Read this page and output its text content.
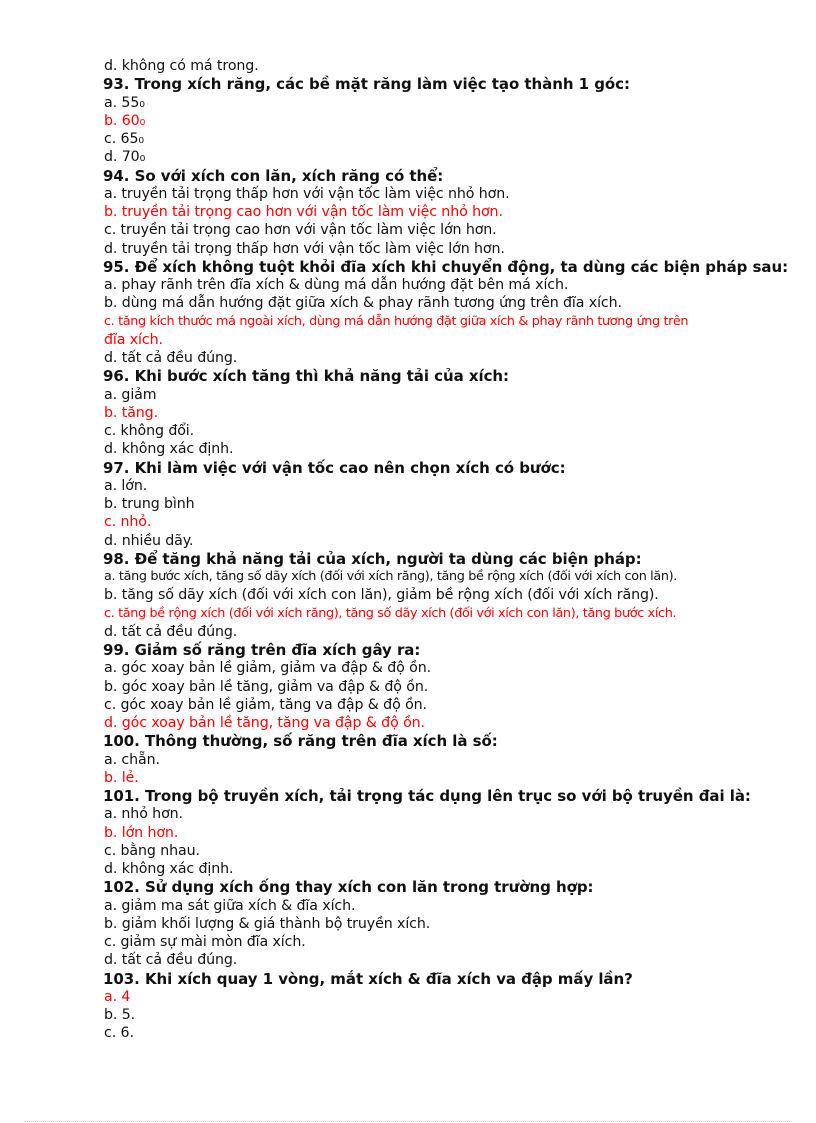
d. không có má trong.
93. Trong xích răng, các bề mặt răng làm việc tạo thành 1 góc:
a. 55₀
b. 60₀
c. 65₀
d. 70₀
94. So với xích con lăn, xích răng có thể:
a. truyền tải trọng thấp hơn với vận tốc làm việc nhỏ hơn.
b. truyền tải trọng cao hơn với vận tốc làm việc nhỏ hơn.
c. truyền tải trọng cao hơn với vận tốc làm việc lớn hơn.
d. truyền tải trọng thấp hơn với vận tốc làm việc lớn hơn.
95. Để xích không tuột khỏi đĩa xích khi chuyển động, ta dùng các biện pháp sau:
a. phay rãnh trên đĩa xích & dùng má dẫn hướng đặt bên má xích.
b. dùng má dẫn hướng đặt giữa xích & phay rãnh tương ứng trên đĩa xích.
c. tăng kích thước má ngoài xích, dùng má dẫn hướng đặt giữa xích & phay rãnh tương ứng trên
đĩa xích.
d. tất cả đều đúng.
96. Khi bước xích tăng thì khả năng tải của xích:
a. giảm
b. tăng.
c. không đổi.
d. không xác định.
97. Khi làm việc với vận tốc cao nên chọn xích có bước:
a. lớn.
b. trung bình
c. nhỏ.
d. nhiều dãy.
98. Để tăng khả năng tải của xích, người ta dùng các biện pháp:
a. tăng bước xích, tăng số dãy xích (đối với xích răng), tăng bề rộng xích (đối với xích con lăn).
b. tăng số dãy xích (đối với xích con lăn), giảm bề rộng xích (đối với xích răng).
c. tăng bề rộng xích (đối với xích răng), tăng số dãy xích (đối với xích con lăn), tăng bước xích.
d. tất cả đều đúng.
99. Giảm số răng trên đĩa xích gây ra:
a. góc xoay bản lề giảm, giảm va đập & độ ồn.
b. góc xoay bản lề tăng, giảm va đập & độ ồn.
c. góc xoay bản lề giảm, tăng va đập & độ ồn.
d. góc xoay bản lề tăng, tăng va đập & độ ồn.
100. Thông thường, số răng trên đĩa xích là số:
a. chẵn.
b. lẻ.
101. Trong bộ truyền xích, tải trọng tác dụng lên trục so với bộ truyền đai là:
a. nhỏ hơn.
b. lớn hơn.
c. bằng nhau.
d. không xác định.
102. Sử dụng xích ống thay xích con lăn trong trường hợp:
a. giảm ma sát giữa xích & đĩa xích.
b. giảm khối lượng & giá thành bộ truyền xích.
c. giảm sự mài mòn đĩa xích.
d. tất cả đều đúng.
103. Khi xích quay 1 vòng, mắt xích & đĩa xích va đập mấy lần?
a. 4
b. 5.
c. 6.
